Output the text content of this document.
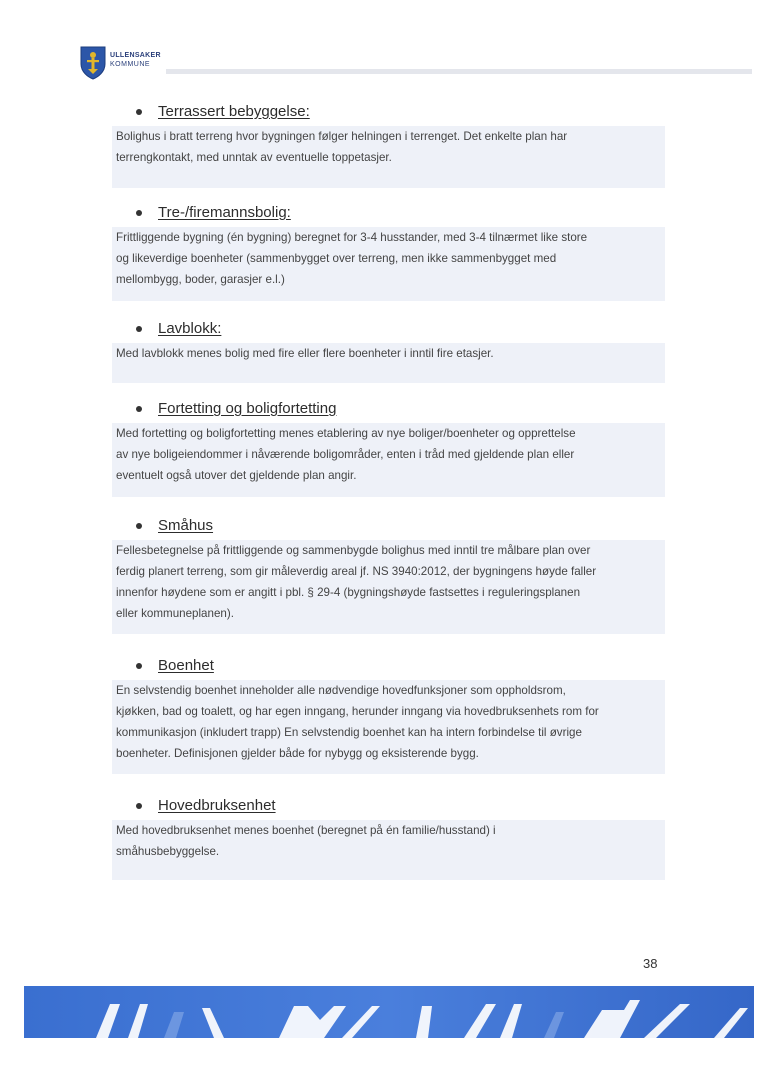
ULLENSAKER
KOMMUNE
Terrassert bebyggelse:
Bolighus i bratt terreng hvor bygningen følger helningen i terrenget. Det enkelte plan har
terrengkontakt, med unntak av eventuelle toppetasjer.
Tre-/firemannsbolig:
Frittliggende bygning (én bygning) beregnet for 3-4 husstander, med 3-4 tilnærmet like store
og likeverdige boenheter (sammenbygget over terreng, men ikke sammenbygget med
mellombygg, boder, garasjer e.l.)
Lavblokk:
Med lavblokk menes bolig med fire eller flere boenheter i inntil fire etasjer.
Fortetting og boligfortetting
Med fortetting og boligfortetting menes etablering av nye boliger/boenheter og opprettelse
av nye boligeiendommer i nåværende boligområder, enten i tråd med gjeldende plan eller
eventuelt også utover det gjeldende plan angir.
Småhus
Fellesbetegnelse på frittliggende og sammenbygde bolighus med inntil tre målbare plan over
ferdig planert terreng, som gir måleverdig areal jf. NS 3940:2012, der bygningens høyde faller
innenfor høydene som er angitt i pbl. § 29-4 (bygningshøyde fastsettes i reguleringsplanen
eller kommuneplanen).
Boenhet
En selvstendig boenhet inneholder alle nødvendige hovedfunksjoner som oppholdsrom,
kjøkken, bad og toalett, og har egen inngang, herunder inngang via hovedbruksenhets rom for
kommunikasjon (inkludert trapp) En selvstendig boenhet kan ha intern forbindelse til øvrige
boenheter. Definisjonen gjelder både for nybygg og eksisterende bygg.
Hovedbruksenhet
Med hovedbruksenhet menes boenhet (beregnet på én familie/husstand) i
småhusbebyggelse.
38
